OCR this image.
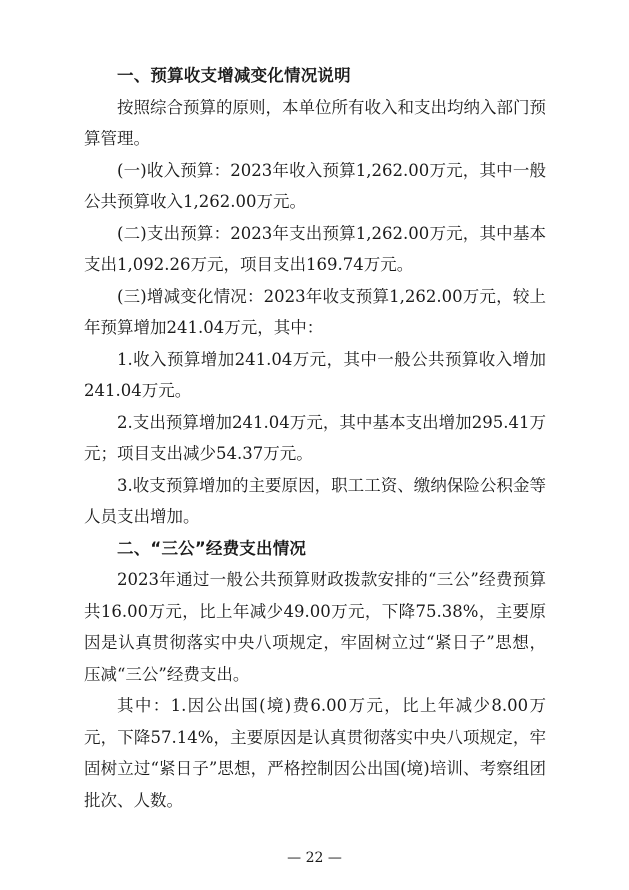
一、预算收支增减变化情况说明

按照综合预算的原则，本单位所有收入和支出均纳入部门预算管理。

(一)收入预算：2023年收入预算1,262.00万元，其中一般公共预算收入1,262.00万元。

(二)支出预算：2023年支出预算1,262.00万元，其中基本支出1,092.26万元，项目支出169.74万元。

(三)增减变化情况：2023年收支预算1,262.00万元，较上年预算增加241.04万元，其中：

1.收入预算增加241.04万元，其中一般公共预算收入增加241.04万元。

2.支出预算增加241.04万元，其中基本支出增加295.41万元；项目支出减少54.37万元。

3.收支预算增加的主要原因，职工工资、缴纳保险公积金等人员支出增加。

二、“三公”经费支出情况

2023年通过一般公共预算财政拨款安排的“三公”经费预算共16.00万元，比上年减少49.00万元，下降75.38%，主要原因是认真贯彻落实中央八项规定，牢固树立过“紧日子”思想，压减“三公”经费支出。

其中：1.因公出国(境)费6.00万元，比上年减少8.00万元，下降57.14%，主要原因是认真贯彻落实中央八项规定，牢固树立过“紧日子”思想，严格控制因公出国(境)培训、考察组团批次、人数。

— 22 —
